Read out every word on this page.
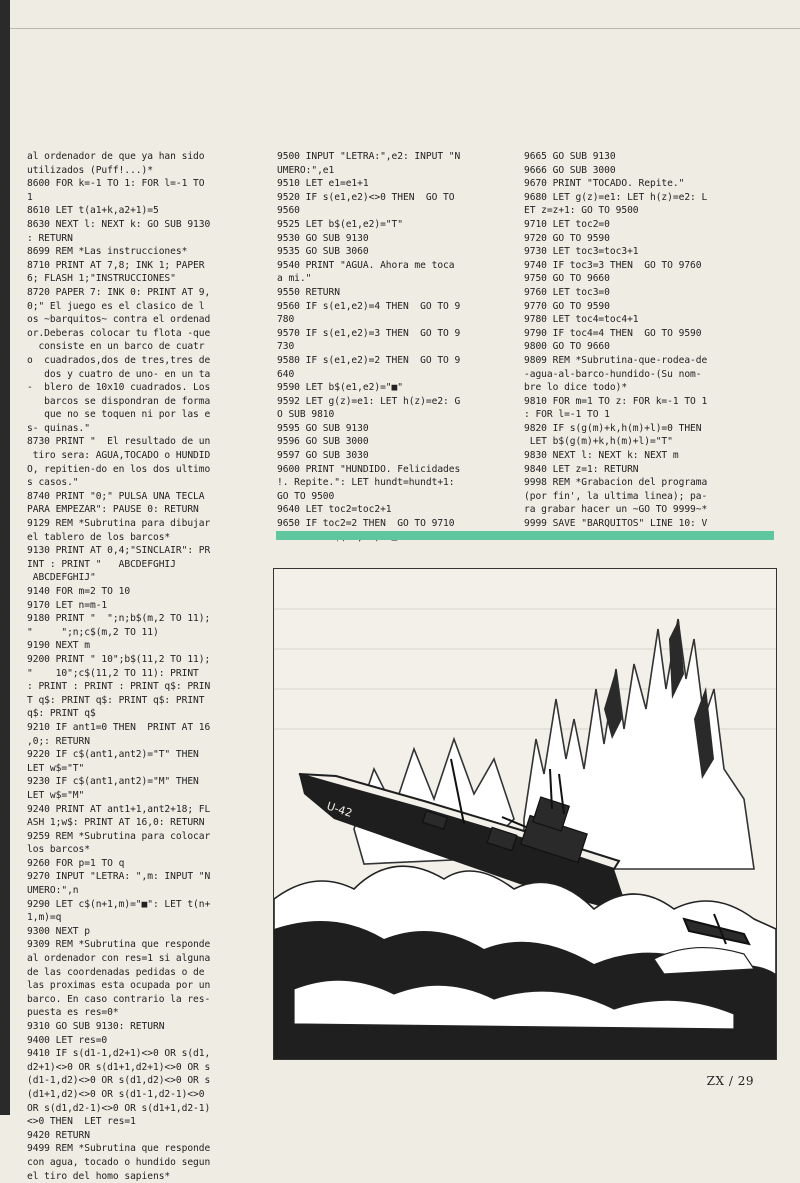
al ordenador de que ya han sido
utilizados (Puff!...)*
8600 FOR k=-1 TO 1: FOR l=-1 TO
1
8610 LET t(a1+k,a2+1)=5
8630 NEXT l: NEXT k: GO SUB 9130
: RETURN
8699 REM *Las instrucciones*
8710 PRINT AT 7,8; INK 1; PAPER
6; FLASH 1;"INSTRUCCIONES"
8720 PAPER 7: INK 0: PRINT AT 9,
0;" El juego es el clasico de l
os ~barquitos~ contra el ordenad
or.Deberas colocar tu flota -que
consiste en un barco de cuatr
o  cuadrados,dos de tres,tres de
dos y cuatro de uno- en un ta
-  blero de 10x10 cuadrados. Los
barcos se dispondran de forma
que no se toquen ni por las e
s- quinas."
8730 PRINT "  El resultado de un
tiro sera: AGUA,TOCADO o HUNDID
O, repitien-do en los dos ultimo
s casos."
8740 PRINT "0;" PULSA UNA TECLA
PARA EMPEZAR": PAUSE 0: RETURN
9129 REM *Subrutina para dibujar
el tablero de los barcos*
9130 PRINT AT 0,4;"SINCLAIR": PR
INT : PRINT "   ABCDEFGHIJ
ABCDEFGHIJ"
9140 FOR m=2 TO 10
9170 LET n=m-1
9180 PRINT "  ";n;b$(m,2 TO 11);
"     ";n;c$(m,2 TO 11)
9190 NEXT m
9200 PRINT " 10";b$(11,2 TO 11);
"    10";c$(11,2 TO 11): PRINT
: PRINT : PRINT : PRINT q$: PRIN
T q$: PRINT q$: PRINT q$: PRINT
q$: PRINT q$
9210 IF ant1=0 THEN  PRINT AT 16
,0;: RETURN
9220 IF c$(ant1,ant2)="T" THEN
LET w$="T"
9230 IF c$(ant1,ant2)="M" THEN
LET w$="M"
9240 PRINT AT ant1+1,ant2+18; FL
ASH 1;w$: PRINT AT 16,0: RETURN
9259 REM *Subrutina para colocar
los barcos*
9260 FOR p=1 TO q
9270 INPUT "LETRA: ",m: INPUT "N
UMERO:",n
9290 LET c$(n+1,m)="■": LET t(n+
1,m)=q
9300 NEXT p
9309 REM *Subrutina que responde
al ordenador con res=1 si alguna
de las coordenadas pedidas o de
las proximas esta ocupada por un
barco. En caso contrario la res-
puesta es res=0*
9310 GO SUB 9130: RETURN
9400 LET res=0
9410 IF s(d1-1,d2+1)<>0 OR s(d1,
d2+1)<>0 OR s(d1+1,d2+1)<>0 OR s
(d1-1,d2)<>0 OR s(d1,d2)<>0 OR s
(d1+1,d2)<>0 OR s(d1-1,d2-1)<>0
OR s(d1,d2-1)<>0 OR s(d1+1,d2-1)
<>0 THEN  LET res=1
9420 RETURN
9499 REM *Subrutina que responde
con agua, tocado o hundido segun
el tiro del homo sapiens*
9500 INPUT "LETRA:",e2: INPUT "N
UMERO:",e1
9510 LET e1=e1+1
9520 IF s(e1,e2)<>0 THEN  GO TO
9560
9525 LET b$(e1,e2)="T"
9530 GO SUB 9130
9535 GO SUB 3060
9540 PRINT "AGUA. Ahora me toca
a mi."
9550 RETURN
9560 IF s(e1,e2)=4 THEN  GO TO 9
780
9570 IF s(e1,e2)=3 THEN  GO TO 9
730
9580 IF s(e1,e2)=2 THEN  GO TO 9
640
9590 LET b$(e1,e2)="■"
9592 LET g(z)=e1: LET h(z)=e2: G
O SUB 9810
9595 GO SUB 9130
9596 GO SUB 3000
9597 GO SUB 3030
9600 PRINT "HUNDIDO. Felicidades
!. Repite.": LET hundt=hundt+1:
GO TO 9500
9640 LET toc2=toc2+1
9650 IF toc2=2 THEN  GO TO 9710
9665 GO SUB 9130
9666 GO SUB 3000
9670 PRINT "TOCADO. Repite."
9680 LET g(z)=e1: LET h(z)=e2: L
ET z=z+1: GO TO 9500
9710 LET toc2=0
9720 GO TO 9590
9730 LET toc3=toc3+1
9740 IF toc3=3 THEN  GO TO 9760
9750 GO TO 9660
9760 LET toc3=0
9770 GO TO 9590
9780 LET toc4=toc4+1
9790 IF toc4=4 THEN  GO TO 9590
9800 GO TO 9660
9809 REM *Subrutina-que-rodea-de
-agua-al-barco-hundido-(Su nom-
bre lo dice todo)*
9810 FOR m=1 TO z: FOR k=-1 TO 1
: FOR l=-1 TO 1
9820 IF s(g(m)+k,h(m)+l)=0 THEN
LET b$(g(m)+k,h(m)+l)="T"
9830 NEXT l: NEXT k: NEXT m
9840 LET z=1: RETURN
9998 REM *Grabacion del programa
(por fin', la ultima linea); pa-
ra grabar hacer un ~GO TO 9999~*
9999 SAVE "BARQUITOS" LINE 10: V
U-42
ZX / 29
